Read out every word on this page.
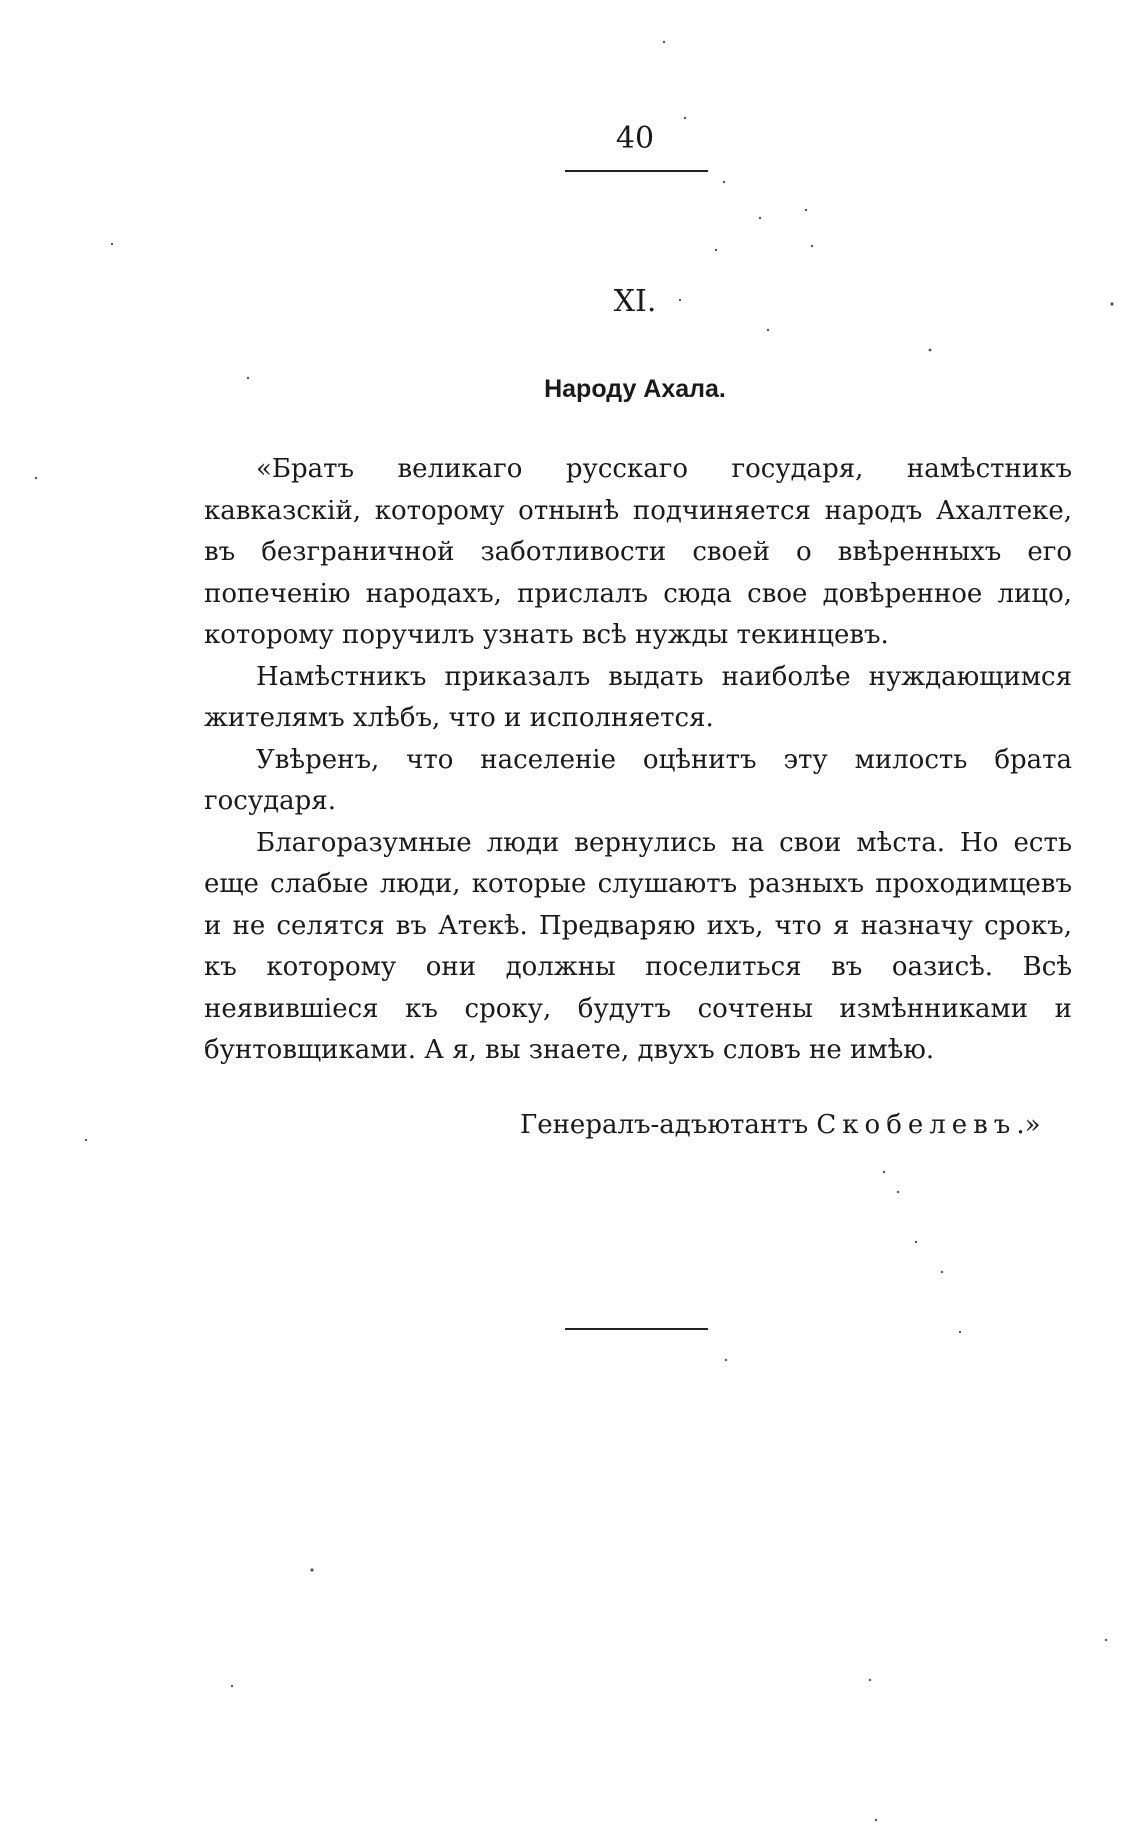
40
XI.
Народу Ахала.

«Братъ великаго русскаго государя, намѣстникъ кавказскій, которому отнынѣ подчиняется народъ Ахалтеке, въ безграничной заботливости своей о ввѣренныхъ его попеченію народахъ, прислалъ сюда свое довѣренное лицо, которому поручилъ узнать всѣ нужды текинцевъ.

Намѣстникъ приказалъ выдать наиболѣе нуждающимся жителямъ хлѣбъ, что и исполняется.

Увѣренъ, что населеніе оцѣнитъ эту милость брата государя.

Благоразумные люди вернулись на свои мѣста. Но есть еще слабые люди, которые слушаютъ разныхъ проходимцевъ и не селятся въ Атекѣ. Предваряю ихъ, что я назначу срокъ, къ которому они должны поселиться въ оазисѣ. Всѣ неявившіеся къ сроку, будутъ сочтены измѣнниками и бунтовщиками. А я, вы знаете, двухъ словъ не имѣю.

Генералъ-адъютантъ Скобелевъ.»
